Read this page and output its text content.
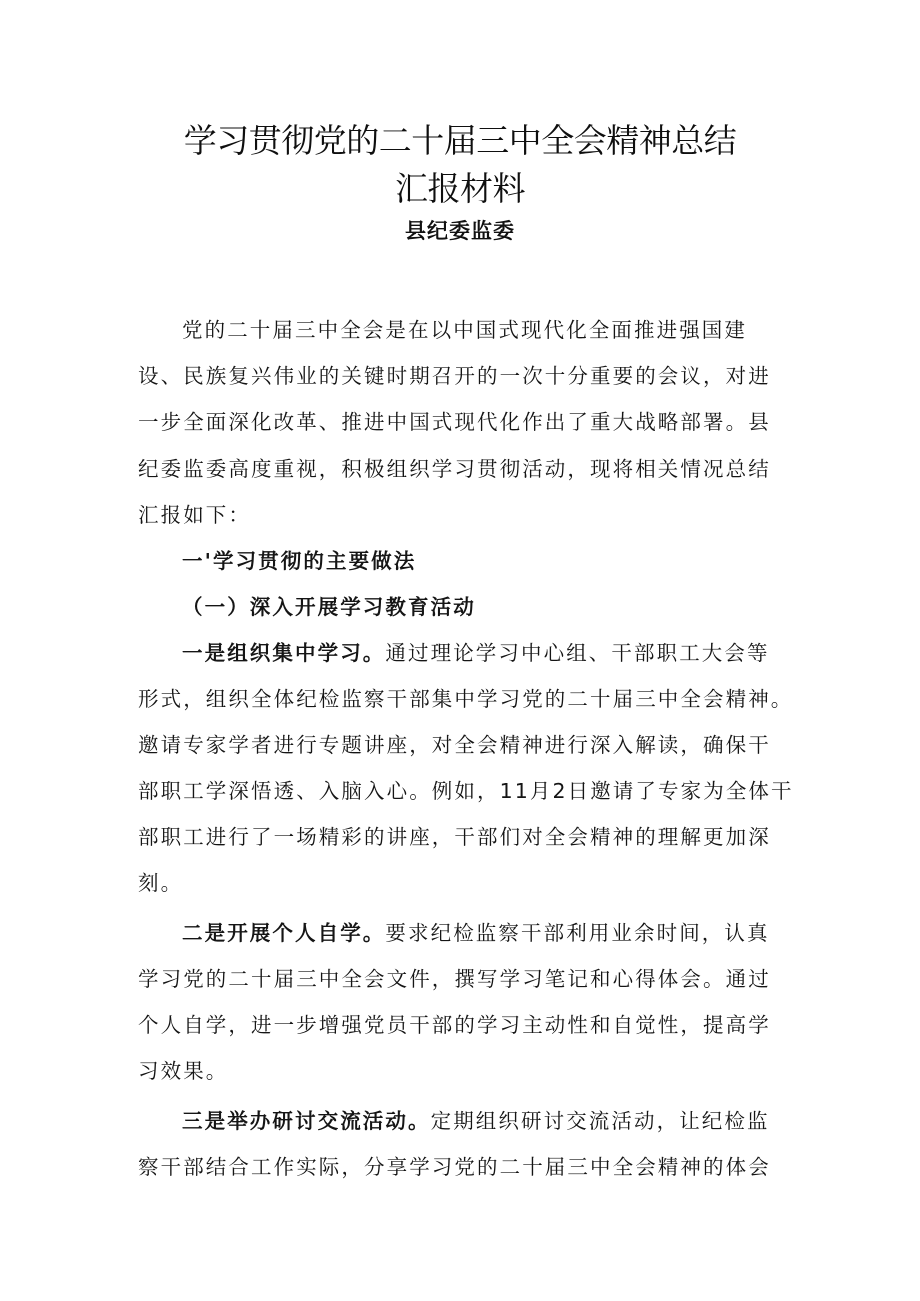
学习贯彻党的二十届三中全会精神总结
汇报材料
县纪委监委
党的二十届三中全会是在以中国式现代化全面推进强国建
设、民族复兴伟业的关键时期召开的一次十分重要的会议，对进
一步全面深化改革、推进中国式现代化作出了重大战略部署。县
纪委监委高度重视，积极组织学习贯彻活动，现将相关情况总结
汇报如下：
一'学习贯彻的主要做法
（一）深入开展学习教育活动
一是组织集中学习。通过理论学习中心组、干部职工大会等
形式，组织全体纪检监察干部集中学习党的二十届三中全会精神。
邀请专家学者进行专题讲座，对全会精神进行深入解读，确保干
部职工学深悟透、入脑入心。例如，11月2日邀请了专家为全体干
部职工进行了一场精彩的讲座，干部们对全会精神的理解更加深
刻。
二是开展个人自学。要求纪检监察干部利用业余时间，认真
学习党的二十届三中全会文件，撰写学习笔记和心得体会。通过
个人自学，进一步增强党员干部的学习主动性和自觉性，提高学
习效果。
三是举办研讨交流活动。定期组织研讨交流活动，让纪检监
察干部结合工作实际，分享学习党的二十届三中全会精神的体会
